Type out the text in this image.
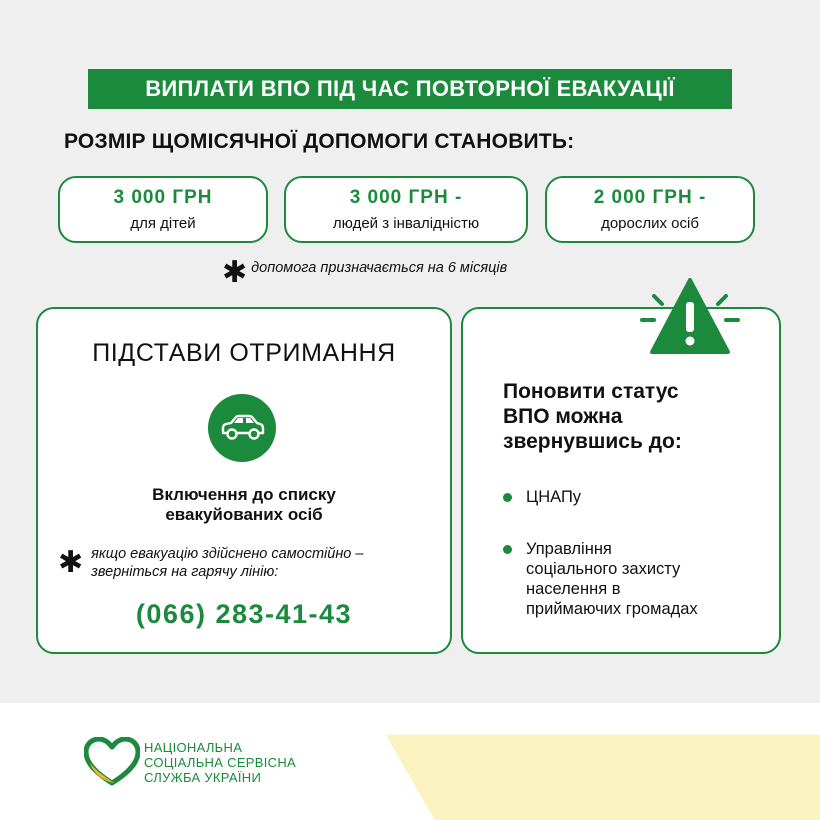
ВИПЛАТИ ВПО ПІД ЧАС ПОВТОРНОЇ ЕВАКУАЦІЇ
РОЗМІР ЩОМІСЯЧНОЇ ДОПОМОГИ СТАНОВИТЬ:
3 000 ГРН
для дітей
3 000 ГРН -
людей з інвалідністю
2 000 ГРН -
дорослих осіб
✱ допомога призначається на 6 місяців
ПІДСТАВИ ОТРИМАННЯ
Включення до списку
евакуйованих осіб
✱ якщо евакуацію здійснено самостійно –
зверніться на гарячу лінію:
(066) 283-41-43
Поновити статус
ВПО можна
звернувшись до:
ЦНАПу
Управління
соціального захисту
населення в
приймаючих громадах
НАЦІОНАЛЬНА
СОЦІАЛЬНА СЕРВІСНА
СЛУЖБА УКРАЇНИ
